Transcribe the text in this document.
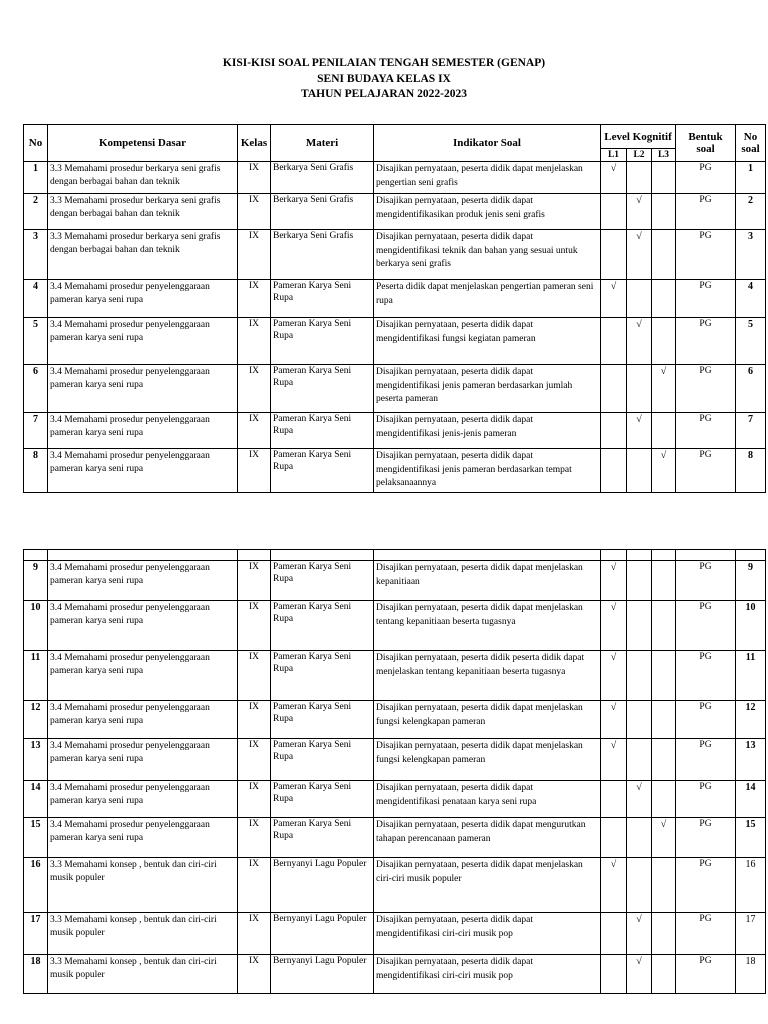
KISI-KISI SOAL PENILAIAN TENGAH SEMESTER (GENAP)
SENI BUDAYA KELAS IX
TAHUN PELAJARAN 2022-2023
No	Kompetensi Dasar	Kelas	Materi	Indikator Soal	Level Kognitif			Bentuk soal	No soal
					L1	L2	L3		
1	3.3 Memahami prosedur berkarya seni grafis dengan berbagai bahan dan teknik	IX	Berkarya Seni Grafis	Disajikan pernyataan, peserta didik dapat menjelaskan pengertian seni grafis	√			PG	1
2	3.3 Memahami prosedur berkarya seni grafis dengan berbagai bahan dan teknik	IX	Berkarya Seni Grafis	Disajikan pernyataan, peserta didik dapat mengidentifikasikan produk jenis seni grafis		√		PG	2
3	3.3 Memahami prosedur berkarya seni grafis dengan berbagai bahan dan teknik	IX	Berkarya Seni Grafis	Disajikan pernyataan, peserta didik dapat mengidentifikasi teknik dan bahan yang sesuai untuk berkarya seni grafis		√		PG	3
4	3.4 Memahami prosedur penyelenggaraan pameran karya seni rupa	IX	Pameran Karya Seni Rupa	Peserta didik dapat menjelaskan pengertian pameran seni rupa	√			PG	4
5	3.4 Memahami prosedur penyelenggaraan pameran karya seni rupa	IX	Pameran Karya Seni Rupa	Disajikan pernyataan, peserta didik dapat mengidentifikasi fungsi kegiatan pameran		√		PG	5
6	3.4 Memahami prosedur penyelenggaraan pameran karya seni rupa	IX	Pameran Karya Seni Rupa	Disajikan pernyataan, peserta didik dapat mengidentifikasi jenis pameran berdasarkan jumlah peserta pameran			√	PG	6
7	3.4 Memahami prosedur penyelenggaraan pameran karya seni rupa	IX	Pameran Karya Seni Rupa	Disajikan pernyataan, peserta didik dapat mengidentifikasi jenis-jenis pameran		√		PG	7
8	3.4 Memahami prosedur penyelenggaraan pameran karya seni rupa	IX	Pameran Karya Seni Rupa	Disajikan pernyataan, peserta didik dapat mengidentifikasi jenis pameran berdasarkan tempat pelaksanaannya			√	PG	8

9	3.4 Memahami prosedur penyelenggaraan pameran karya seni rupa	IX	Pameran Karya Seni Rupa	Disajikan pernyataan, peserta didik dapat menjelaskan kepanitiaan	√			PG	9
10	3.4 Memahami prosedur penyelenggaraan pameran karya seni rupa	IX	Pameran Karya Seni Rupa	Disajikan pernyataan, peserta didik dapat menjelaskan tentang kepanitiaan beserta tugasnya	√			PG	10
11	3.4 Memahami prosedur penyelenggaraan pameran karya seni rupa	IX	Pameran Karya Seni Rupa	Disajikan pernyataan, peserta didik peserta didik dapat menjelaskan tentang kepanitiaan beserta tugasnya	√			PG	11
12	3.4 Memahami prosedur penyelenggaraan pameran karya seni rupa	IX	Pameran Karya Seni Rupa	Disajikan pernyataan, peserta didik dapat menjelaskan fungsi kelengkapan pameran	√			PG	12
13	3.4 Memahami prosedur penyelenggaraan pameran karya seni rupa	IX	Pameran Karya Seni Rupa	Disajikan pernyataan, peserta didik dapat menjelaskan fungsi kelengkapan pameran	√			PG	13
14	3.4 Memahami prosedur penyelenggaraan pameran karya seni rupa	IX	Pameran Karya Seni Rupa	Disajikan pernyataan, peserta didik dapat mengidentifikasi penataan karya seni rupa		√		PG	14
15	3.4 Memahami prosedur penyelenggaraan pameran karya seni rupa	IX	Pameran Karya Seni Rupa	Disajikan pernyataan, peserta didik dapat mengurutkan tahapan perencanaan pameran			√	PG	15
16	3.3 Memahami konsep , bentuk dan ciri-ciri musik populer	IX	Bernyanyi Lagu Populer	Disajikan pernyataan, peserta didik dapat menjelaskan ciri-ciri musik populer	√			PG	16
17	3.3 Memahami konsep , bentuk dan ciri-ciri musik populer	IX	Bernyanyi Lagu Populer	Disajikan pernyataan, peserta didik dapat mengidentifikasi ciri-ciri musik pop		√		PG	17
18	3.3 Memahami konsep , bentuk dan ciri-ciri musik populer	IX	Bernyanyi Lagu Populer	Disajikan pernyataan, peserta didik dapat mengidentifikasi ciri-ciri musik pop		√		PG	18
